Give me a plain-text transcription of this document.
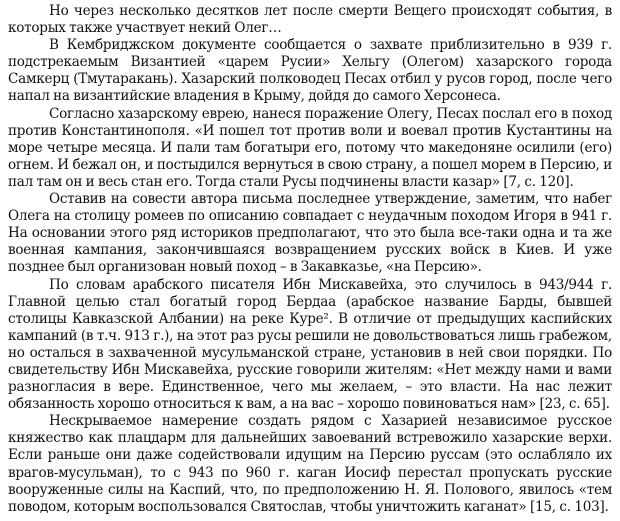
Но через несколько десятков лет после смерти Вещего происходят события, в которых также участвует некий Олег…

В Кембриджском документе сообщается о захвате приблизительно в 939 г. подстрекаемым Византией «царем Русии» Хельгу (Олегом) хазарского города Самкерц (Тмутаракань). Хазарский полководец Песах отбил у русов город, после чего напал на византийские владения в Крыму, дойдя до самого Херсонеса.

Согласно хазарскому еврею, нанеся поражение Олегу, Песах послал его в поход против Константинополя. «И пошел тот против воли и воевал против Кустантины на море четыре месяца. И пали там богатыри его, потому что македоняне осилили (его) огнем. И бежал он, и постыдился вернуться в свою страну, а пошел морем в Персию, и пал там он и весь стан его. Тогда стали Русы подчинены власти казар» [7, с. 120].

Оставив на совести автора письма последнее утверждение, заметим, что набег Олега на столицу ромеев по описанию совпадает с неудачным походом Игоря в 941 г. На основании этого ряд историков предполагают, что это была все-таки одна и та же военная кампания, закончившаяся возвращением русских войск в Киев. И уже позднее был организован новый поход – в Закавказье, «на Персию».

По словам арабского писателя Ибн Мискавейха, это случилось в 943/944 г. Главной целью стал богатый город Бердаа (арабское название Барды, бывшей столицы Кавказской Албании) на реке Куре². В отличие от предыдущих каспийских кампаний (в т.ч. 913 г.), на этот раз русы решили не довольствоваться лишь грабежом, но осталься в захваченной мусульманской стране, установив в ней свои порядки. По свидетельству Ибн Мискавейха, русские говорили жителям: «Нет между нами и вами разногласия в вере. Единственное, чего мы желаем, – это власти. На нас лежит обязанность хорошо относиться к вам, а на вас – хорошо повиноваться нам» [23, с. 65].

Нескрываемое намерение создать рядом с Хазарией независимое русское княжество как плацдарм для дальнейших завоеваний встревожило хазарские верхи. Если раньше они даже содействовали идущим на Персию руссам (это ослабляло их врагов-мусульман), то с 943 по 960 г. каган Иосиф перестал пропускать русские вооруженные силы на Каспий, что, по предположению Н. Я. Полового, явилось «тем поводом, которым воспользовался Святослав, чтобы уничтожить каганат» [15, с. 103].
